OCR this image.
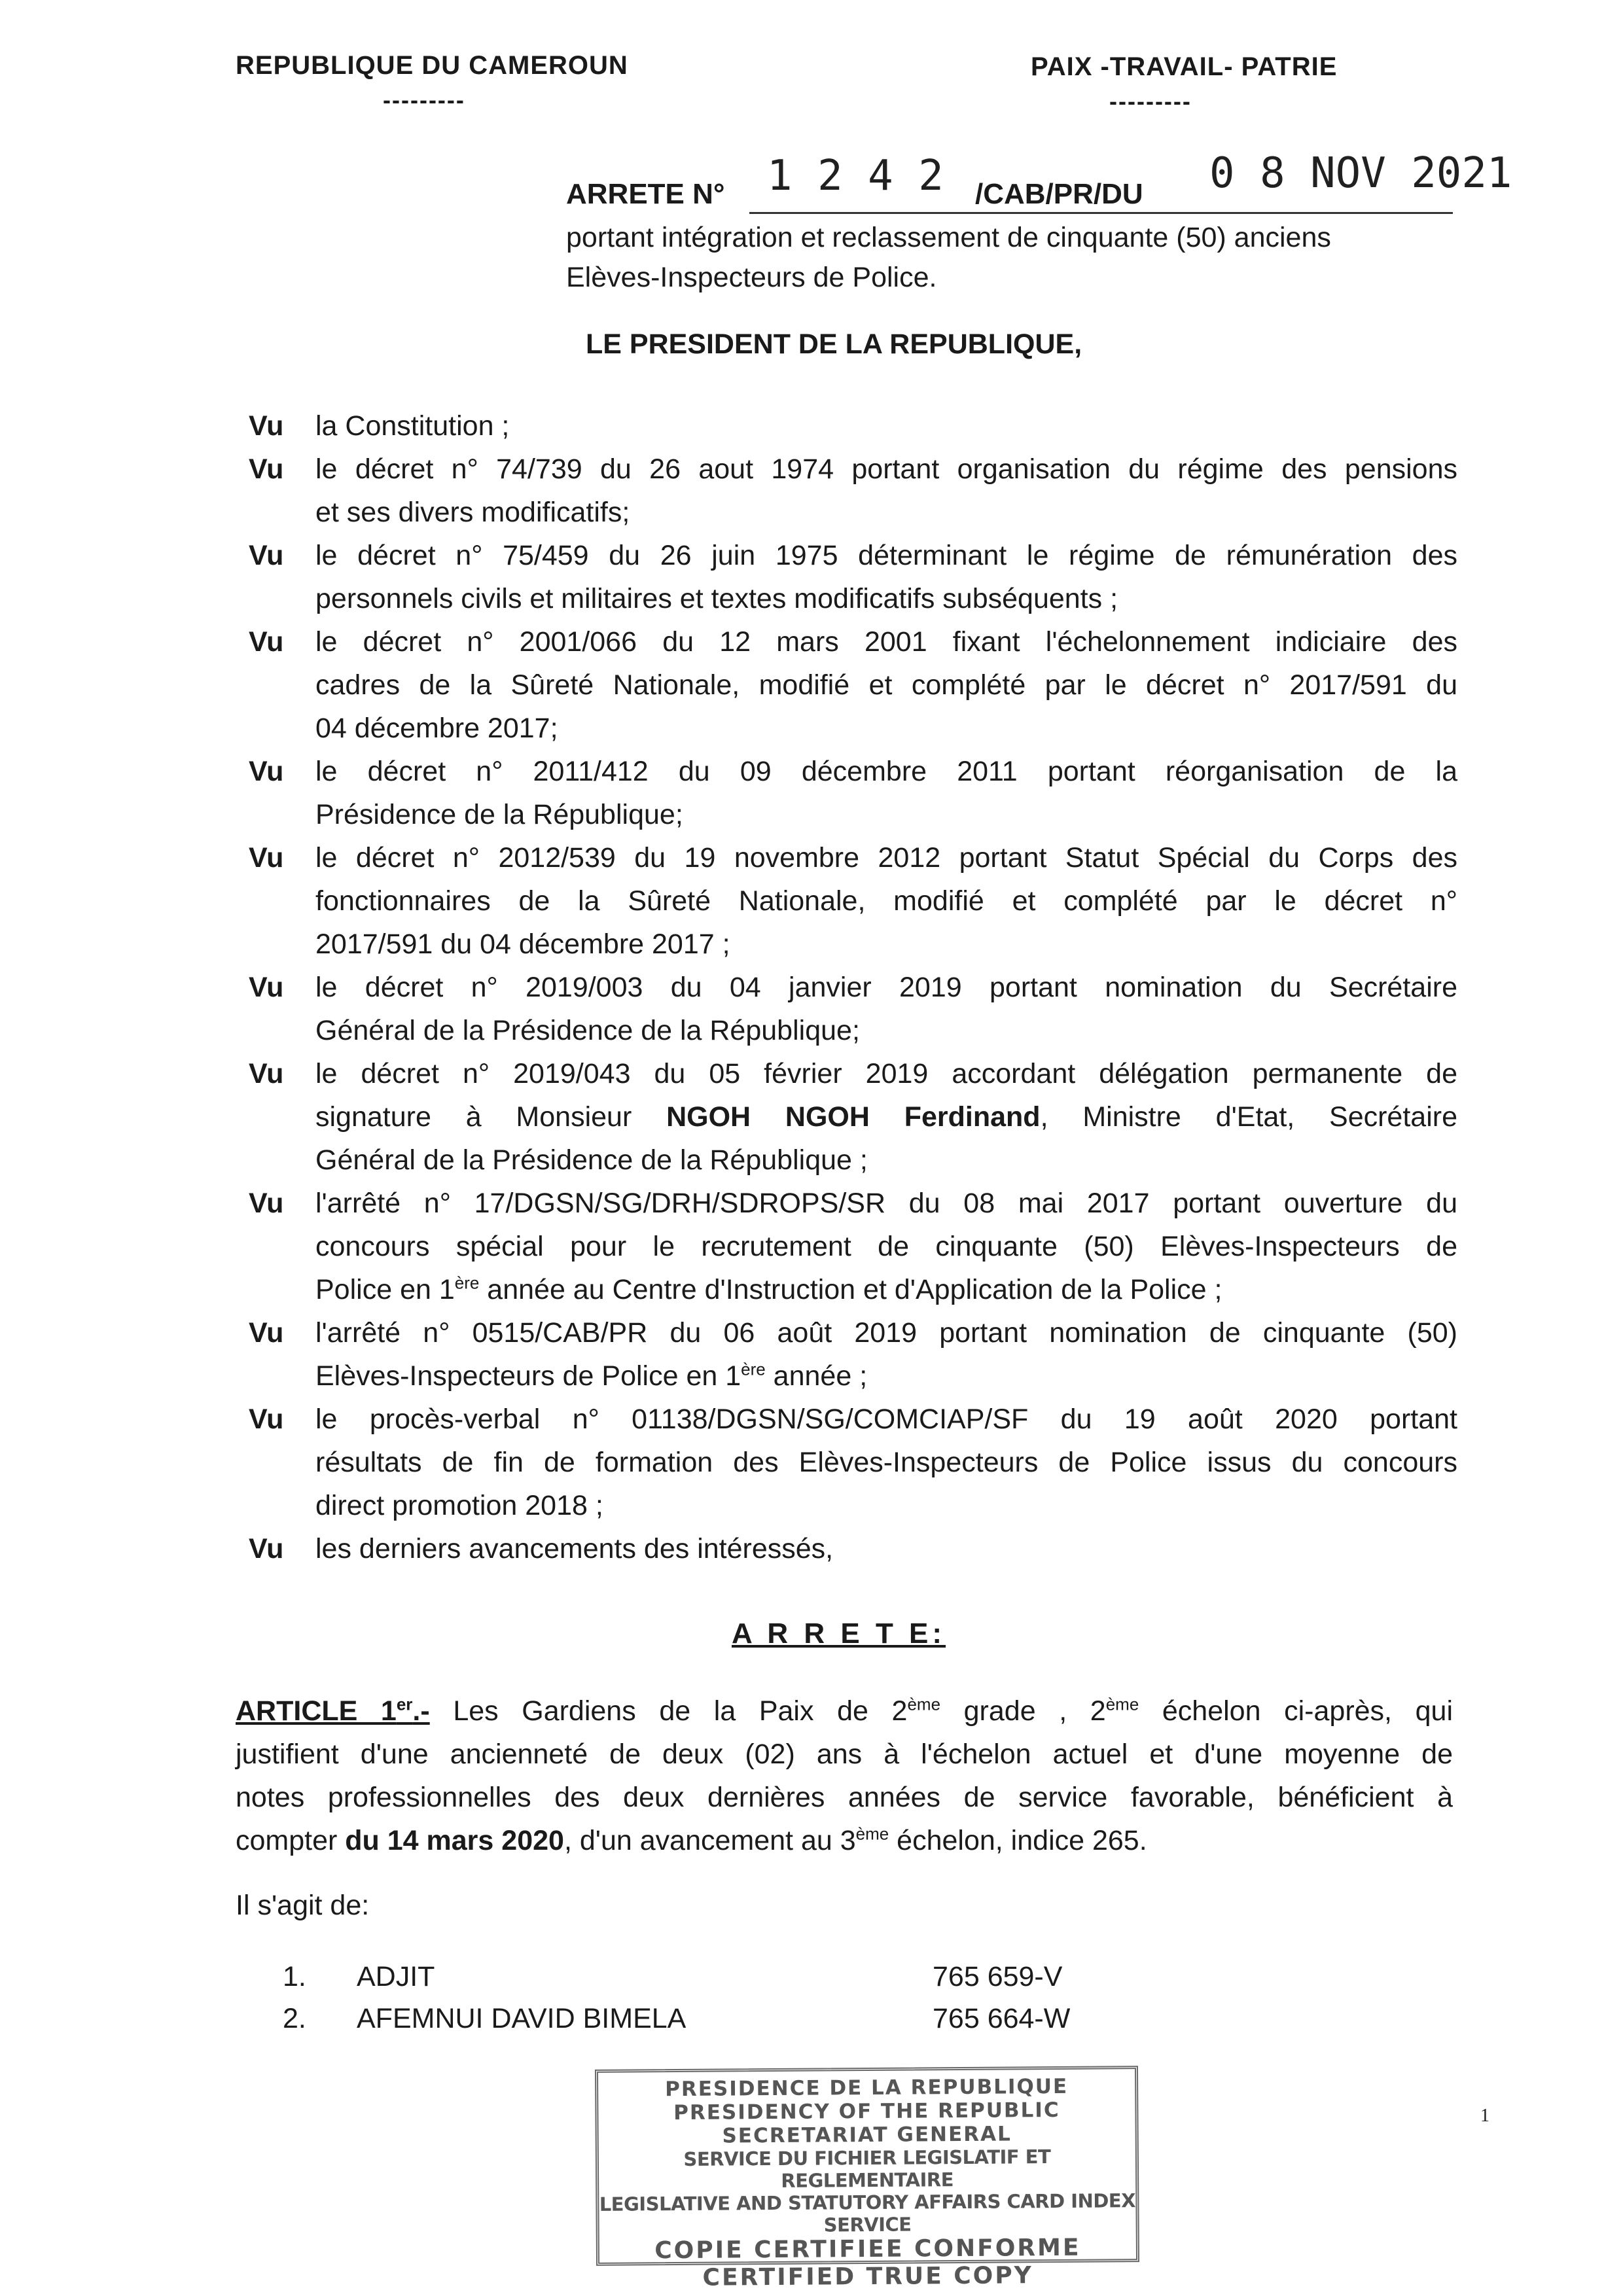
REPUBLIQUE DU CAMEROUN
---------
PAIX -TRAVAIL- PATRIE
---------
ARRETE N° 1 2 4 2 /CAB/PR/DU 0 8 NOV 2021
portant intégration et reclassement de cinquante (50) anciens
Elèves-Inspecteurs de Police.
LE PRESIDENT DE LA REPUBLIQUE,
Vu la Constitution ;
Vu le décret n° 74/739 du 26 aout 1974 portant organisation du régime des pensions
et ses divers modificatifs;
Vu le décret n° 75/459 du 26 juin 1975 déterminant le régime de rémunération des
personnels civils et militaires et textes modificatifs subséquents ;
Vu le décret n° 2001/066 du 12 mars 2001 fixant l'échelonnement indiciaire des
cadres de la Sûreté Nationale, modifié et complété par le décret n° 2017/591 du
04 décembre 2017;
Vu le décret n° 2011/412 du 09 décembre 2011 portant réorganisation de la
Présidence de la République;
Vu le décret n° 2012/539 du 19 novembre 2012 portant Statut Spécial du Corps des
fonctionnaires de la Sûreté Nationale, modifié et complété par le décret n°
2017/591 du 04 décembre 2017 ;
Vu le décret n° 2019/003 du 04 janvier 2019 portant nomination du Secrétaire
Général de la Présidence de la République;
Vu le décret n° 2019/043 du 05 février 2019 accordant délégation permanente de
signature à Monsieur NGOH NGOH Ferdinand, Ministre d'Etat, Secrétaire
Général de la Présidence de la République ;
Vu l'arrêté n° 17/DGSN/SG/DRH/SDROPS/SR du 08 mai 2017 portant ouverture du
concours spécial pour le recrutement de cinquante (50) Elèves-Inspecteurs de
Police en 1ère année au Centre d'Instruction et d'Application de la Police ;
Vu l'arrêté n° 0515/CAB/PR du 06 août 2019 portant nomination de cinquante (50)
Elèves-Inspecteurs de Police en 1ère année ;
Vu le procès-verbal n° 01138/DGSN/SG/COMCIAP/SF du 19 août 2020 portant
résultats de fin de formation des Elèves-Inspecteurs de Police issus du concours
direct promotion 2018 ;
Vu les derniers avancements des intéressés,
A R R E T E:
ARTICLE 1er.- Les Gardiens de la Paix de 2ème grade , 2ème échelon ci-après, qui
justifient d'une ancienneté de deux (02) ans à l'échelon actuel et d'une moyenne de
notes professionnelles des deux dernières années de service favorable, bénéficient à
compter du 14 mars 2020, d'un avancement au 3ème échelon, indice 265.
Il s'agit de:
1. ADJIT	765 659-V
2. AFEMNUI DAVID BIMELA	765 664-W
1
PRESIDENCE DE LA REPUBLIQUE
PRESIDENCY OF THE REPUBLIC
SECRETARIAT GENERAL
SERVICE DU FICHIER LEGISLATIF ET REGLEMENTAIRE
LEGISLATIVE AND STATUTORY AFFAIRS CARD INDEX SERVICE
COPIE CERTIFIEE CONFORME
CERTIFIED TRUE COPY
